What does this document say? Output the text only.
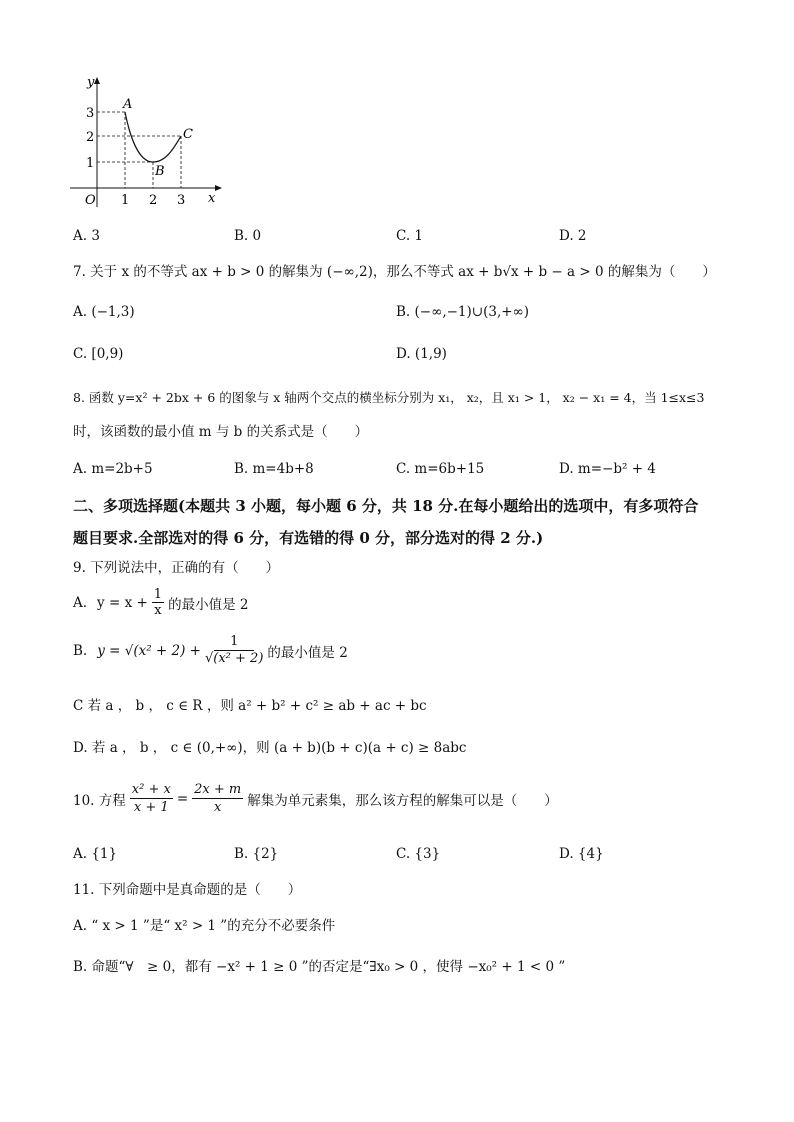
y
x
O 1 2 3
1
2
3
A
B
C
A. 3	B. 0	C. 1	D. 2
7. 关于 x 的不等式 ax + b > 0 的解集为 (−∞,2)，那么不等式 ax + b√x + b − a > 0 的解集为（　　）
A. (−1,3)	B. (−∞,−1)∪(3,+∞)
C. [0,9)	D. (1,9)
8. 函数 y=x² + 2bx + 6 的图象与 x 轴两个交点的横坐标分别为 x₁， x₂，且 x₁ > 1， x₂ − x₁ = 4，当 1≤x≤3
时，该函数的最小值 m 与 b 的关系式是（　　）
A. m=2b+5	B. m=4b+8	C. m=6b+15	D. m=−b² + 4
二、多项选择题(本题共 3 小题，每小题 6 分，共 18 分.在每小题给出的选项中，有多项符合
题目要求.全部选对的得 6 分，有选错的得 0 分，部分选对的得 2 分.)
9. 下列说法中，正确的有（　　）
A. $y = x + \frac{1}{x}$ 的最小值是 2
B. $y = √(x^2 + 2) + \frac{1}{\text{√(x² + 2)}}$ 的最小值是 2
C 若 a ， b ， c ∈ R ，则 a² + b² + c² ≥ ab + ac + bc
D. 若 a ， b ， c ∈ (0,+∞)，则 (a + b)(b + c)(a + c) ≥ 8abc
10. 方程 $\frac{\text{x² + x}}{x + 1} = \frac{2x + m}{x}$ 解集为单元素集，那么该方程的解集可以是（　　）
A. {1}	B. {2}	C. {3}	D. {4}
11. 下列命题中是真命题的是（　　）
A. “ x > 1 ”是“ x² > 1 ”的充分不必要条件
B. 命题“∀　≥ 0，都有 −x² + 1 ≥ 0 ”的否定是“∃x₀ > 0 ，使得 −x₀² + 1 < 0 ”
